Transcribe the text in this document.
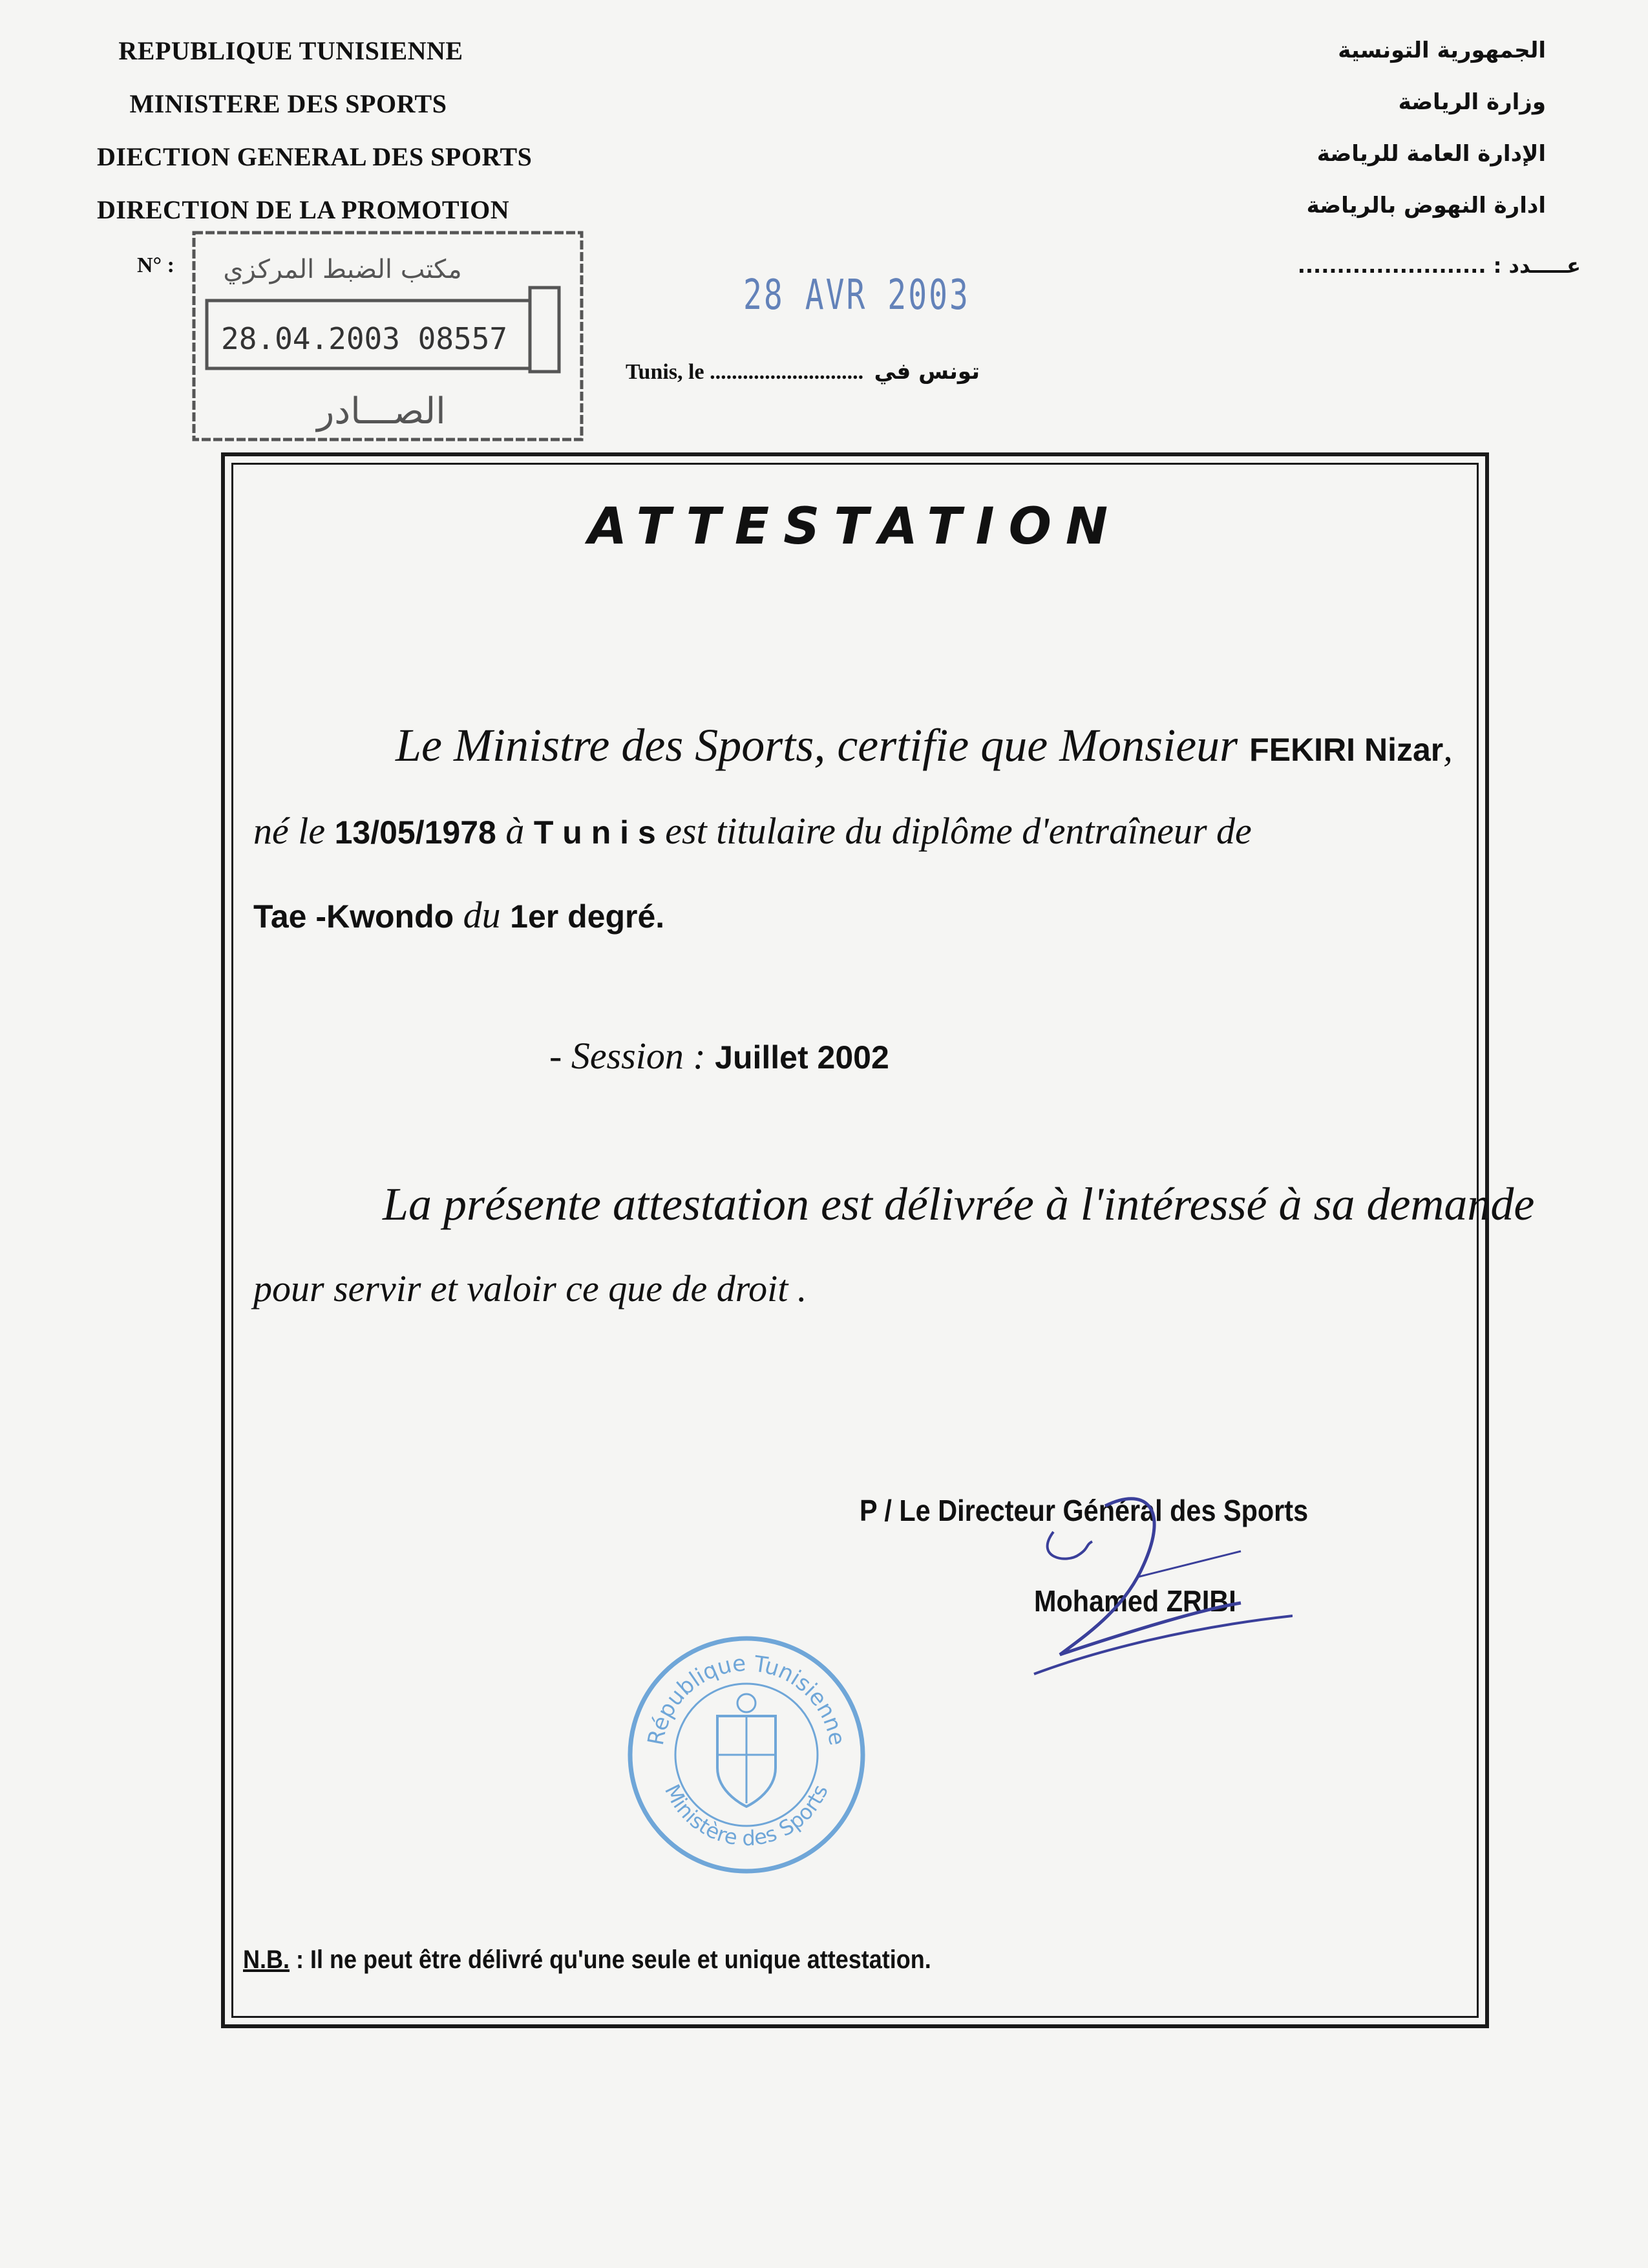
REPUBLIQUE TUNISIENNE
MINISTERE DES SPORTS
DIECTION GENERAL DES SPORTS
DIRECTION DE LA PROMOTION
الجمهورية التونسية
وزارة الرياضة
الإدارة العامة للرياضة
ادارة النهوض بالرياضة
N° :	عـــــدد : ........................
مكتب الضبط المركزي
28.04.2003 08557
الصـــادر
28 AVR 2003
Tunis, le ............................ تونس في
ATTESTATION
Le Ministre des Sports, certifie que Monsieur FEKIRI Nizar,
né le 13/05/1978 à T u n i s est titulaire du diplôme d'entraîneur de
Tae -Kwondo du 1er degré.
- Session : Juillet 2002
La présente attestation est délivrée à l'intéressé à sa demande
pour servir et valoir ce que de droit .
P / Le Directeur Général des Sports
Mohamed ZRIBI
République Tunisienne
Ministère des Sports
N.B. : Il ne peut être délivré qu'une seule et unique attestation.
